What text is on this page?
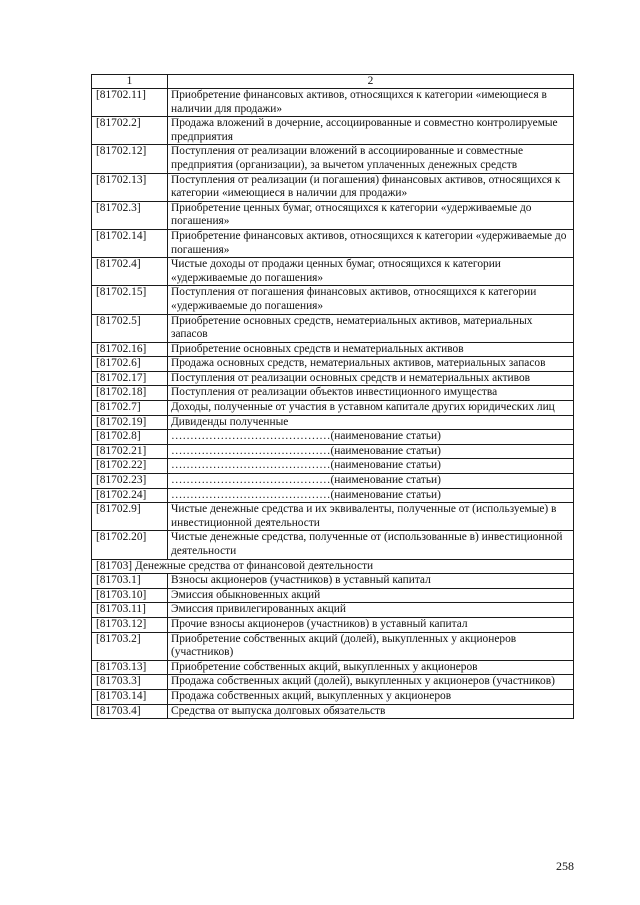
1	2
[81702.11]	Приобретение финансовых активов, относящихся к категории «имеющиеся в наличии для продажи»
[81702.2]	Продажа вложений в дочерние, ассоциированные и совместно контролируемые предприятия
[81702.12]	Поступления от реализации вложений в ассоциированные и совместные предприятия (организации), за вычетом уплаченных денежных средств
[81702.13]	Поступления от реализации (и погашения) финансовых активов, относящихся к категории «имеющиеся в наличии для продажи»
[81702.3]	Приобретение ценных бумаг, относящихся к категории «удерживаемые до погашения»
[81702.14]	Приобретение финансовых активов, относящихся к категории «удерживаемые до погашения»
[81702.4]	Чистые доходы от продажи ценных бумаг, относящихся к категории «удерживаемые до погашения»
[81702.15]	Поступления от погашения финансовых активов, относящихся к категории «удерживаемые до погашения»
[81702.5]	Приобретение основных средств, нематериальных активов, материальных запасов
[81702.16]	Приобретение основных средств и нематериальных активов
[81702.6]	Продажа основных средств, нематериальных активов, материальных запасов
[81702.17]	Поступления от реализации основных средств и нематериальных активов
[81702.18]	Поступления от реализации объектов инвестиционного имущества
[81702.7]	Доходы, полученные от участия в уставном капитале других юридических лиц
[81702.19]	Дивиденды полученные
[81702.8]	……………………………………(наименование статьи)
[81702.21]	……………………………………(наименование статьи)
[81702.22]	……………………………………(наименование статьи)
[81702.23]	……………………………………(наименование статьи)
[81702.24]	……………………………………(наименование статьи)
[81702.9]	Чистые денежные средства и их эквиваленты, полученные от (используемые) в инвестиционной деятельности
[81702.20]	Чистые денежные средства, полученные от (использованные в) инвестиционной деятельности
[81703] Денежные средства от финансовой деятельности	
[81703.1]	Взносы акционеров (участников) в уставный капитал
[81703.10]	Эмиссия обыкновенных акций
[81703.11]	Эмиссия привилегированных акций
[81703.12]	Прочие взносы акционеров (участников) в уставный капитал
[81703.2]	Приобретение собственных акций (долей), выкупленных у акционеров (участников)
[81703.13]	Приобретение собственных акций, выкупленных у акционеров
[81703.3]	Продажа собственных акций (долей), выкупленных у акционеров (участников)
[81703.14]	Продажа собственных акций, выкупленных у акционеров
[81703.4]	Средства от выпуска долговых обязательств
258
